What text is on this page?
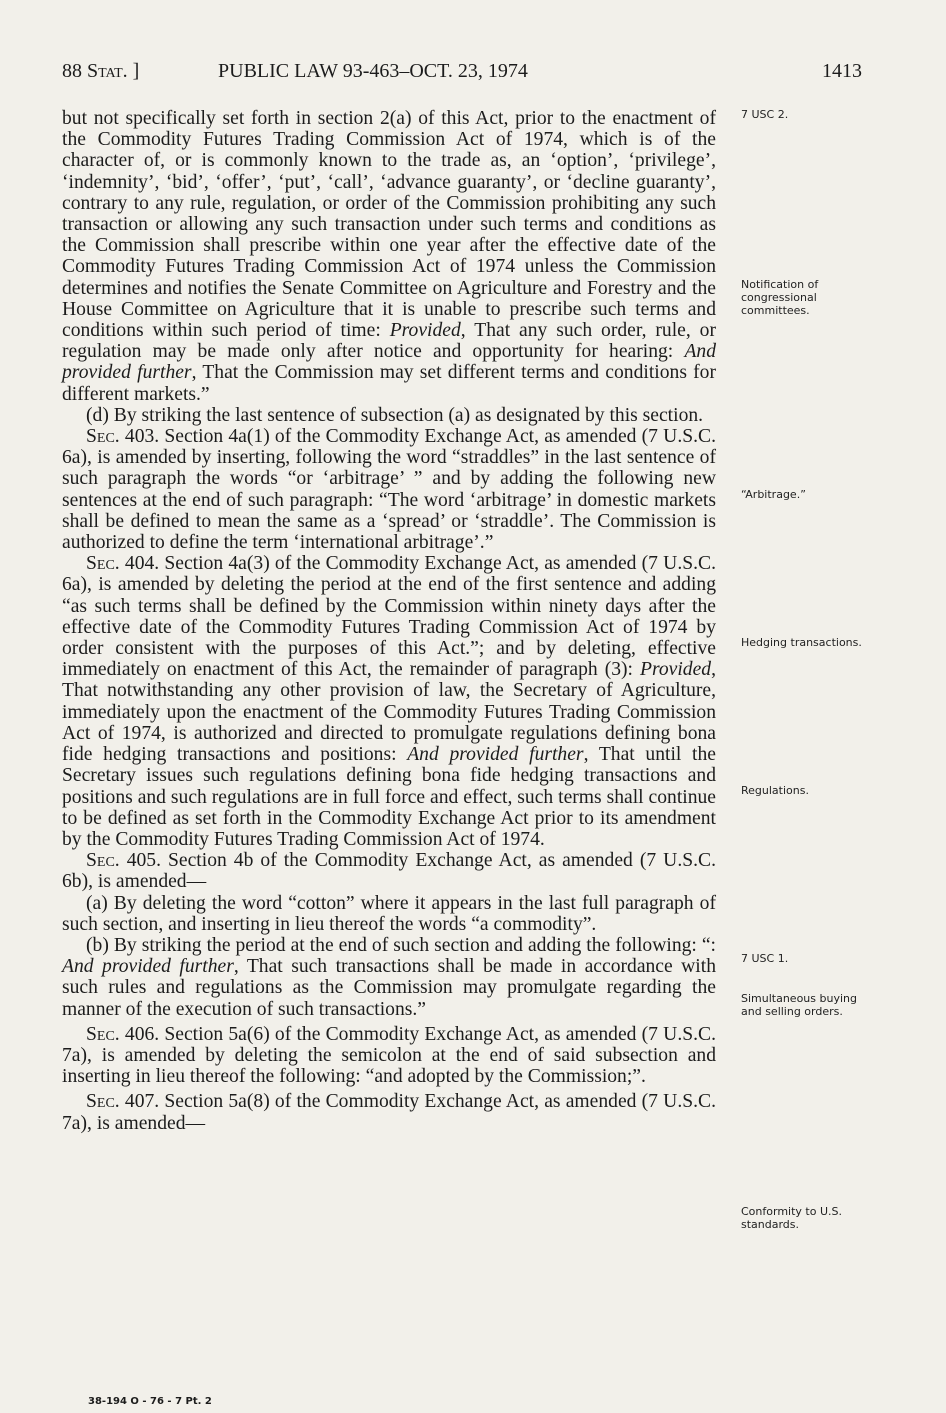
88 Stat. ]	PUBLIC LAW 93-463–OCT. 23, 1974	1413

but not specifically set forth in section 2(a) of this Act, prior to the enactment of the Commodity Futures Trading Commission Act of 1974, which is of the character of, or is commonly known to the trade as, an ‘option’, ‘privilege’, ‘indemnity’, ‘bid’, ‘offer’, ‘put’, ‘call’, ‘advance guaranty’, or ‘decline guaranty’, contrary to any rule, regulation, or order of the Commission prohibiting any such transaction or allowing any such transaction under such terms and conditions as the Commission shall prescribe within one year after the effective date of the Commodity Futures Trading Commission Act of 1974 unless the Commission determines and notifies the Senate Committee on Agriculture and Forestry and the House Committee on Agriculture that it is unable to prescribe such terms and conditions within such period of time: Provided, That any such order, rule, or regulation may be made only after notice and opportunity for hearing: And provided further, That the Commission may set different terms and conditions for different markets.”

(d) By striking the last sentence of subsection (a) as designated by this section.

Sec. 403. Section 4a(1) of the Commodity Exchange Act, as amended (7 U.S.C. 6a), is amended by inserting, following the word “straddles” in the last sentence of such paragraph the words “or ‘arbitrage’ ” and by adding the following new sentences at the end of such paragraph: “The word ‘arbitrage’ in domestic markets shall be defined to mean the same as a ‘spread’ or ‘straddle’. The Commission is authorized to define the term ‘international arbitrage’.”

Sec. 404. Section 4a(3) of the Commodity Exchange Act, as amended (7 U.S.C. 6a), is amended by deleting the period at the end of the first sentence and adding “as such terms shall be defined by the Commission within ninety days after the effective date of the Commodity Futures Trading Commission Act of 1974 by order consistent with the purposes of this Act.”; and by deleting, effective immediately on enactment of this Act, the remainder of paragraph (3): Provided, That notwithstanding any other provision of law, the Secretary of Agriculture, immediately upon the enactment of the Commodity Futures Trading Commission Act of 1974, is authorized and directed to promulgate regulations defining bona fide hedging transactions and positions: And provided further, That until the Secretary issues such regulations defining bona fide hedging transactions and positions and such regulations are in full force and effect, such terms shall continue to be defined as set forth in the Commodity Exchange Act prior to its amendment by the Commodity Futures Trading Commission Act of 1974.

Sec. 405. Section 4b of the Commodity Exchange Act, as amended (7 U.S.C. 6b), is amended—

(a) By deleting the word “cotton” where it appears in the last full paragraph of such section, and inserting in lieu thereof the words “a commodity”.

(b) By striking the period at the end of such section and adding the following: “: And provided further, That such transactions shall be made in accordance with such rules and regulations as the Commission may promulgate regarding the manner of the execution of such transactions.”

Sec. 406. Section 5a(6) of the Commodity Exchange Act, as amended (7 U.S.C. 7a), is amended by deleting the semicolon at the end of said subsection and inserting in lieu thereof the following: “and adopted by the Commission;”.

Sec. 407. Section 5a(8) of the Commodity Exchange Act, as amended (7 U.S.C. 7a), is amended—

7 USC 2.
Notification of congressional committees.
“Arbitrage.”
Hedging transactions.
Regulations.
7 USC 1.
Simultaneous buying and selling orders.
Conformity to U.S. standards.
38-194 O - 76 - 7 Pt. 2
